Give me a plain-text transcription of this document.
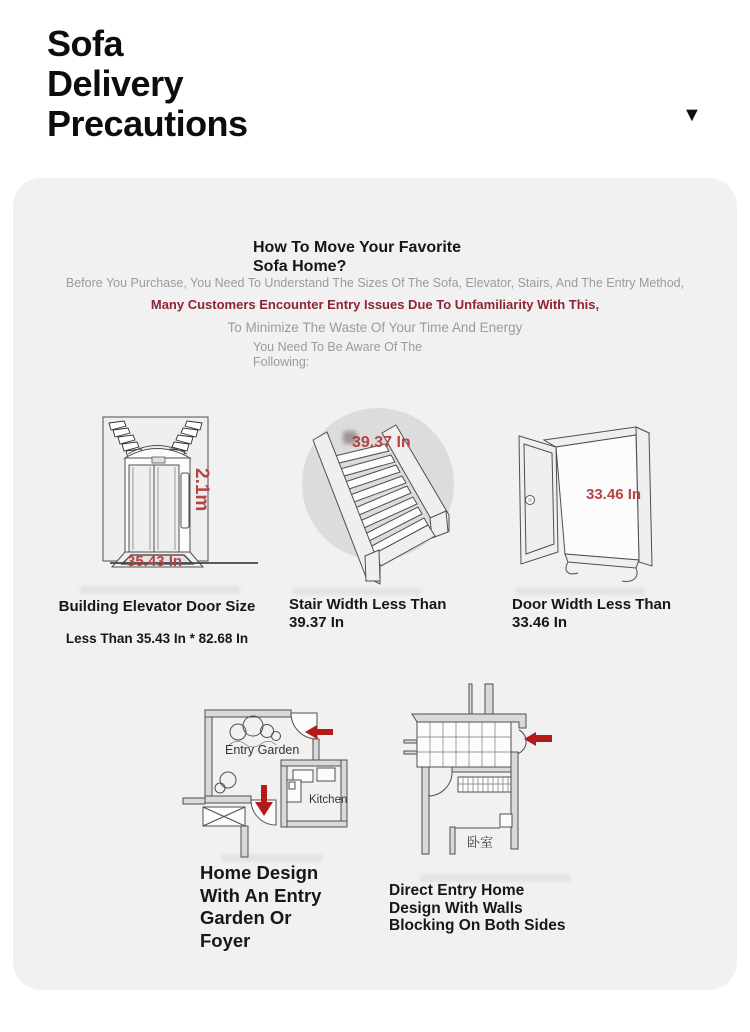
Sofa
Delivery
Precautions	▼
How To Move Your Favorite Sofa Home?
Before You Purchase, You Need To Understand The Sizes Of The Sofa, Elevator, Stairs, And The Entry Method,
Many Customers Encounter Entry Issues Due To Unfamiliarity With This,
To Minimize The Waste Of Your Time And Energy
You Need To Be Aware Of The Following:
2.1m
35.43 In
39.37 In
33.46 In
Building Elevator Door Size
Less Than 35.43 In * 82.68 In
Stair Width Less Than 39.37 In
Door Width Less Than 33.46 In
Entry Garden
Kitchen
卧室
Home Design With An Entry Garden Or Foyer
Direct Entry Home Design With Walls Blocking On Both Sides
